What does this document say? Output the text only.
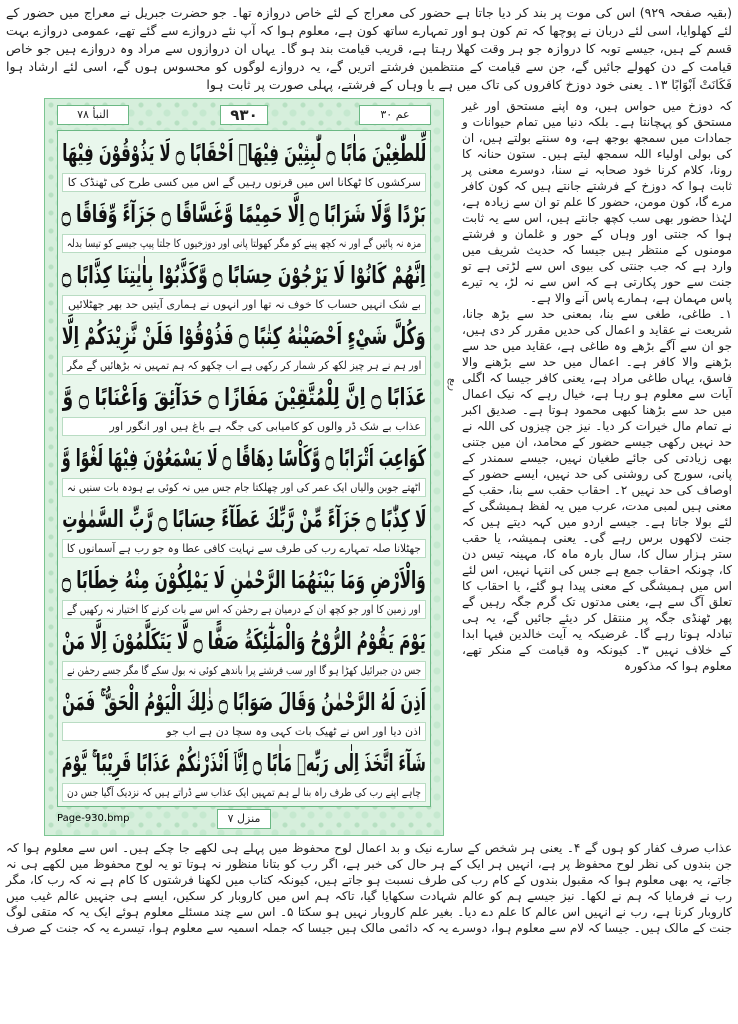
(بقیہ صفحہ ۹۲۹) اس کی موت پر بند کر دیا جاتا ہے حضور کی معراج کے لئے خاص دروازہ تھا۔ جو حضرت جبریل نے معراج میں حضور کے لئے کھلوایا، اسی لئے دربان نے پوچھا کہ تم کون ہو اور تمہارے ساتھ کون ہے، معلوم ہوا کہ آپ نئے دروازے سے گئے تھے، عمومی دروازے بہت قسم کے ہیں، جیسے توبہ کا دروازہ جو ہر وقت کھلا رہتا ہے، قریب قیامت بند ہو گا۔ یہاں ان دروازوں سے مراد وہ دروازے ہیں جو خاص قیامت کے دن کھولے جائیں گے، جن سے قیامت کے منتظمین فرشتے اتریں گے، یہ دروازے لوگوں کو محسوس ہوں گے، اسی لئے ارشاد ہوا فَكَانَتْ اَبْوَابًا ۱۳۔ یعنی خود دوزخ کافروں کی تاک میں ہے یا وہاں کے فرشتے، پہلی صورت پر ثابت ہوا
عم ۳۰
۹۳۰
النبأ ۷۸
لِّلطّٰغِيْنَ مَاٰبًا ۝ لّٰبِثِيْنَ فِيْهَاۤ اَحْقَابًا ۝ لَا يَذُوْقُوْنَ فِيْهَا
سرکشوں کا ٹھکانا اس میں قرنوں رہیں گے اس میں کسی طرح کی ٹھنڈک کا
بَرْدًا وَّلَا شَرَابًا ۝ اِلَّا حَمِيْمًا وَّغَسَّاقًا ۝ جَزَآءً وِّفَاقًا ۝
مزہ نہ پائیں گے اور نہ کچھ پینے کو مگر کھولتا پانی اور دوزخیوں کا جلتا پیپ جیسے کو تیسا بدلہ
اِنَّهُمْ كَانُوْا لَا يَرْجُوْنَ حِسَابًا ۝ وَّكَذَّبُوْا بِاٰيٰتِنَا كِذَّابًا ۝
بے شک انہیں حساب کا خوف نہ تھا اور انہوں نے ہماری آیتیں حد بھر جھٹلائیں
وَكُلَّ شَيْءٍ اَحْصَيْنٰهُ كِتٰبًا ۝ فَذُوْقُوْا فَلَنْ نَّزِيْدَكُمْ اِلَّا
اور ہم نے ہر چیز لکھ کر شمار کر رکھی ہے اب چکھو کہ ہم تمہیں نہ بڑھائیں گے مگر
عَذَابًا ۝ اِنَّ لِلْمُتَّقِيْنَ مَفَازًا ۝ حَدَآئِقَ وَاَعْنَابًا ۝ وَّ
عذاب بے شک ڈر والوں کو کامیابی کی جگہ ہے باغ ہیں اور انگور اور
كَوَاعِبَ اَتْرَابًا ۝ وَّكَاْسًا دِهَاقًا ۝ لَا يَسْمَعُوْنَ فِيْهَا لَغْوًا وَّ
اٹھتے جوبن والیاں ایک عمر کی اور چھلکتا جام جس میں نہ کوئی بے ہودہ بات سنیں نہ
لَا كِذّٰبًا ۝ جَزَآءً مِّنْ رَّبِّكَ عَطَآءً حِسَابًا ۝ رَّبِّ السَّمٰوٰتِ
جھٹلانا صلہ تمہارے رب کی طرف سے نہایت کافی عطا وہ جو رب ہے آسمانوں کا
وَالْاَرْضِ وَمَا بَيْنَهُمَا الرَّحْمٰنِ لَا يَمْلِكُوْنَ مِنْهُ خِطَابًا ۝
اور زمین کا اور جو کچھ ان کے درمیان ہے رحمٰن کہ اس سے بات کرنے کا اختیار نہ رکھیں گے
يَوْمَ يَقُوْمُ الرُّوْحُ وَالْمَلٰٓئِكَةُ صَفًّا ۝ لَّا يَتَكَلَّمُوْنَ اِلَّا مَنْ
جس دن جبرائیل کھڑا ہو گا اور سب فرشتے پرا باندھے کوئی نہ بول سکے گا مگر جسے رحمٰن نے
اَذِنَ لَهُ الرَّحْمٰنُ وَقَالَ صَوَابًا ۝ ذٰلِكَ الْيَوْمُ الْحَقُّ ۚ فَمَنْ
اذن دیا اور اس نے ٹھیک بات کہی وہ سچا دن ہے اب جو
شَآءَ اتَّخَذَ اِلٰى رَبِّهٖ مَاٰبًا ۝ اِنَّاۤ اَنْذَرْنٰكُمْ عَذَابًا قَرِيْبًا ۚ يَّوْمَ
چاہے اپنے رب کی طرف راہ بنا لے ہم تمہیں ایک عذاب سے ڈراتے ہیں کہ نزدیک آگیا جس دن
Page-930.bmp	منزل ۷
ربع

کہ دوزخ میں حواس ہیں، وہ اپنے مستحق اور غیر مستحق کو پہچانتا ہے۔ بلکہ دنیا میں تمام حیوانات و جمادات میں سمجھ بوجھ ہے، وہ سنتے بولتے ہیں، ان کی بولی اولیاء اللہ سمجھ لیتے ہیں۔ ستون حنانہ کا رونا، کلام کرنا خود صحابہ نے سنا، دوسرے معنی پر ثابت ہوا کہ دوزخ کے فرشتے جانتے ہیں کہ کون کافر مرے گا، کون مومن، حضور کا علم تو ان سے زیادہ ہے، لہٰذا حضور بھی سب کچھ جانتے ہیں، اس سے یہ ثابت ہوا کہ جنتی اور وہاں کے حور و غلمان و فرشتے مومنوں کے منتظر ہیں جیسا کہ حدیث شریف میں وارد ہے کہ جب جنتی کی بیوی اس سے لڑتی ہے تو جنت سے حور پکارتی ہے کہ اس سے نہ لڑ، یہ تیرے پاس مہمان ہے، ہمارے پاس آنے والا ہے۔

۱۔ طاغی، طغی سے بنا، بمعنی حد سے بڑھ جانا، شریعت نے عقاید و اعمال کی حدیں مقرر کر دی ہیں، جو ان سے آگے بڑھے وہ طاغی ہے، عقاید میں حد سے بڑھنے والا کافر ہے۔ اعمال میں حد سے بڑھنے والا فاسق، یہاں طاغی مراد ہے، یعنی کافر جیسا کہ اگلی آیات سے معلوم ہو رہا ہے، خیال رہے کہ نیک اعمال میں حد سے بڑھنا کبھی محمود ہوتا ہے۔ صدیق اکبر نے تمام مال خیرات کر دیا۔ نیز جن چیزوں کی اللہ نے حد نہیں رکھی جیسے حضور کے محامد، ان میں جتنی بھی زیادتی کی جائے طغیان نہیں، جیسے سمندر کے پانی، سورج کی روشنی کی حد نہیں، ایسے حضور کے اوصاف کی حد نہیں ۲۔ احقاب حقب سے بنا، حقب کے معنی ہیں لمبی مدت، عرب میں یہ لفظ ہمیشگی کے لئے بولا جاتا ہے۔ جیسے اردو میں کہہ دیتے ہیں کہ جنت لاکھوں برس رہے گی۔ یعنی ہمیشہ، یا حقب ستر ہزار سال کا، سال بارہ ماہ کا، مہینہ تیس دن کا، چونکہ احقاب جمع ہے جس کی انتہا نہیں، اس لئے اس میں ہمیشگی کے معنی پیدا ہو گئے، یا احقاب کا تعلق آگ سے ہے، یعنی مدتوں تک گرم جگہ رہیں گے پھر ٹھنڈی جگہ پر منتقل کر دیئے جائیں گے، یہ ہی تبادلہ ہوتا رہے گا۔ غرضیکہ یہ آیت خالدین فیہا ابدا کے خلاف نہیں ۳۔ کیونکہ وہ قیامت کے منکر تھے، معلوم ہوا کہ مذکورہ

عذاب صرف کفار کو ہوں گے ۴۔ یعنی ہر شخص کے سارے نیک و بد اعمال لوح محفوظ میں پہلے ہی لکھے جا چکے ہیں۔ اس سے معلوم ہوا کہ جن بندوں کی نظر لوح محفوظ پر ہے، انہیں ہر ایک کے ہر حال کی خبر ہے، اگر رب کو بتانا منظور نہ ہوتا تو یہ لوح محفوظ میں لکھے ہی نہ جاتے، یہ بھی معلوم ہوا کہ مقبول بندوں کے کام رب کی طرف نسبت ہو جاتے ہیں، کیونکہ کتاب میں لکھنا فرشتوں کا کام ہے نہ کہ رب کا، مگر رب نے فرمایا کہ ہم نے لکھا۔ نیز جیسے ہم کو عالم شہادت سکھایا گیا، تاکہ ہم اس میں کاروبار کر سکیں، ایسے ہی جنہیں عالم غیب میں کاروبار کرنا ہے، رب نے انہیں اس عالم کا علم دے دیا۔ بغیر علم کاروبار نہیں ہو سکتا ۵۔ اس سے چند مسئلے معلوم ہوئے ایک یہ کہ متقی لوگ جنت کے مالک ہیں۔ جیسا کہ لام سے معلوم ہوا، دوسرے یہ کہ دائمی مالک ہیں جیسا کہ جملہ اسمیہ سے معلوم ہوا، تیسرے یہ کہ جنت کے صرف
